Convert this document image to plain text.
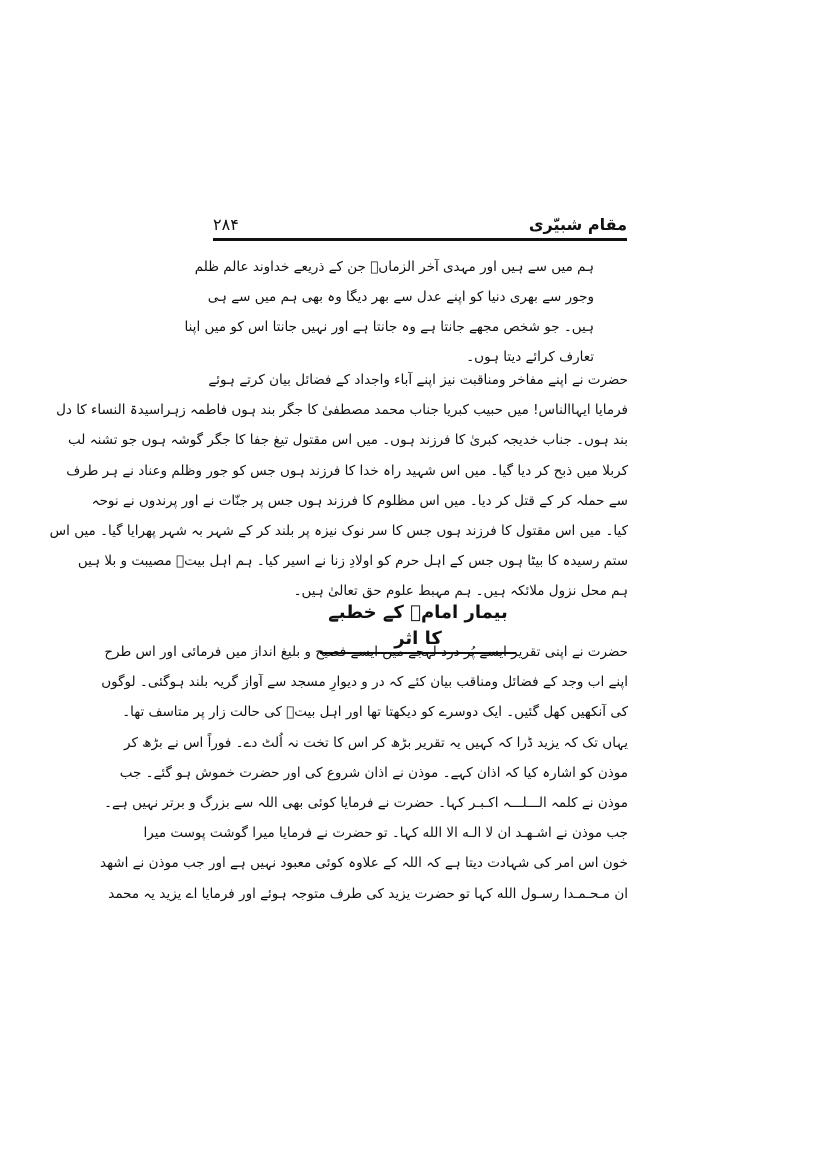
۲۸۴	مقام شبیّری
ہم میں سے ہیں اور مہدی آخر الزماںؑ جن کے ذریعے خداوند عالم ظلم
وجور سے بھری دنیا کو اپنے عدل سے بھر دیگا وہ بھی ہم میں سے ہی
ہیں۔ جو شخص مجھے جانتا ہے وہ جانتا ہے اور نہیں جانتا اس کو میں اپنا
تعارف کرائے دیتا ہوں۔
حضرت نے اپنے مفاخر ومناقبت نیز اپنے آباء واجداد کے فضائل بیان کرتے ہوئے
فرمایا ایہاالناس! میں حبیب کبریا جناب محمد مصطفیٰ کا جگر بند ہوں فاطمہ زہراسیدۃ النساء کا دل
بند ہوں۔ جناب خدیجہ کبریٰ کا فرزند ہوں۔ میں اس مقتول تیغ جفا کا جگر گوشہ ہوں جو تشنہ لب
کربلا میں ذبح کر دیا گیا۔ میں اس شہید راہ خدا کا فرزند ہوں جس کو جور وظلم وعناد نے ہر طرف
سے حملہ کر کے قتل کر دیا۔ میں اس مظلوم کا فرزند ہوں جس پر جنّات نے اور پرندوں نے نوحہ
کیا۔ میں اس مقتول کا فرزند ہوں جس کا سر نوک نیزہ پر بلند کر کے شہر بہ شہر پھرایا گیا۔ میں اس
ستم رسیدہ کا بیٹا ہوں جس کے اہل حرم کو اولادِ زنا نے اسیر کیا۔ ہم اہل بیتؑ مصیبت و بلا ہیں
ہم محل نزول ملائکہ ہیں۔ ہم مہبط علوم حق تعالیٰ ہیں۔
بیمار امامؑ کے خطبے کا اثر
حضرت نے اپنی تقریر ایسے پُر درد لہجے میں ایسے فصیح و بلیغ انداز میں فرمائی اور اس طرح
اپنے اب وجد کے فضائل ومناقب بیان کئے کہ در و دیوارِ مسجد سے آواز گریہ بلند ہوگئی۔ لوگوں
کی آنکھیں کھل گئیں۔ ایک دوسرے کو دیکھتا تھا اور اہل بیتؑ کی حالت زار پر متاسف تھا۔
یہاں تک کہ یزید ڈرا کہ کہیں یہ تقریر بڑھ کر اس کا تخت نہ اُلٹ دے۔ فوراً اس نے بڑھ کر
موذن کو اشارہ کیا کہ اذان کہے۔ موذن نے اذان شروع کی اور حضرت خموش ہو گئے۔ جب
موذن نے کلمہ الـــلـــہ اکـبـر کہا۔ حضرت نے فرمایا کوئی بھی اللہ سے بزرگ و برتر نہیں ہے۔
جب موذن نے اشـهـد ان لا الـه الا الله کہا۔ تو حضرت نے فرمایا میرا گوشت پوست میرا
خون اس امر کی شہادت دیتا ہے کہ اللہ کے علاوہ کوئی معبود نہیں ہے اور جب موذن نے اشهد
ان مـحـمـدا رسـول الله کہا تو حضرت یزید کی طرف متوجہ ہوئے اور فرمایا اے یزید یہ محمد
